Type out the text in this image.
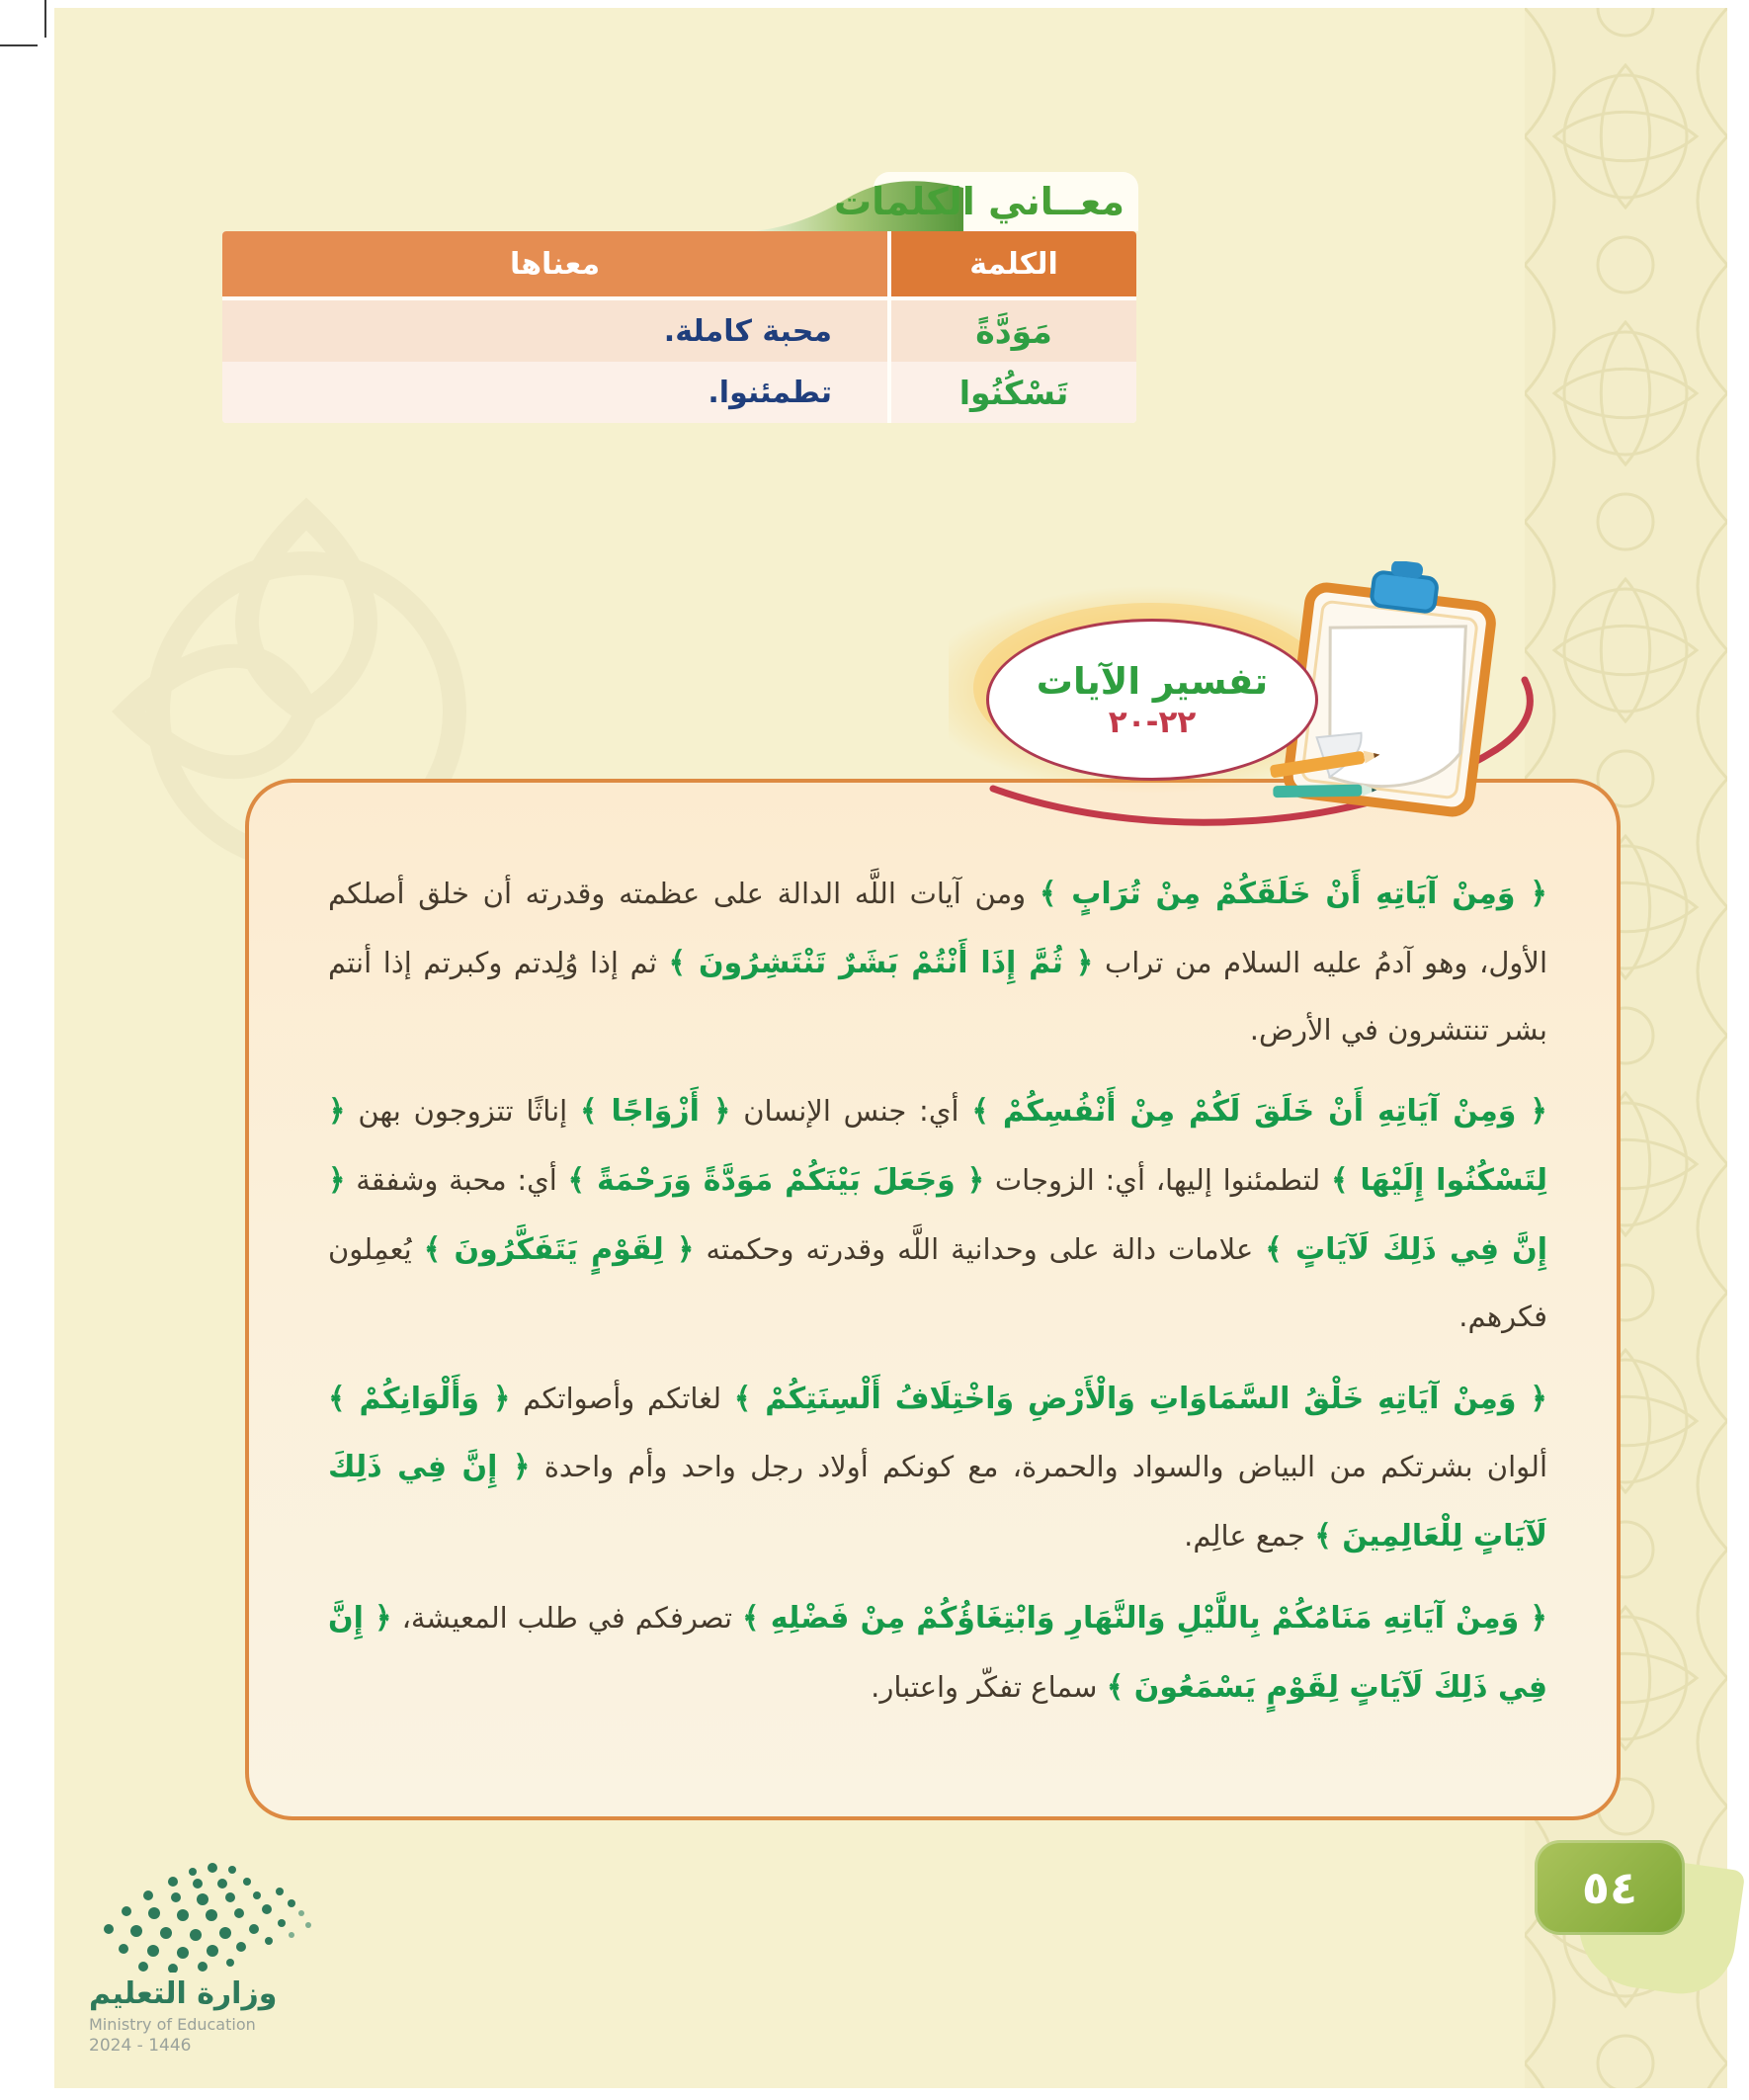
معــاني الكلمات
الكلمة
معناها
مَوَدَّةً
محبة كاملة.
تَسْكُنُوا
تطمئنوا.
تفسير الآيات
٢٢-٢٠

﴿ وَمِنْ آيَاتِهِ أَنْ خَلَقَكُمْ مِنْ تُرَابٍ ﴾ ومن آيات اللَّه الدالة على عظمته وقدرته أن خلق أصلكم الأول، وهو آدمُ عليه السلام من تراب ﴿ ثُمَّ إِذَا أَنْتُمْ بَشَرٌ تَنْتَشِرُونَ ﴾ ثم إذا وُلِدتم وكبرتم إذا أنتم بشر تنتشرون في الأرض.

﴿ وَمِنْ آيَاتِهِ أَنْ خَلَقَ لَكُمْ مِنْ أَنْفُسِكُمْ ﴾ أي: جنس الإنسان ﴿ أَزْوَاجًا ﴾ إناثًا تتزوجون بهن ﴿ لِتَسْكُنُوا إِلَيْهَا ﴾ لتطمئنوا إليها، أي: الزوجات ﴿ وَجَعَلَ بَيْنَكُمْ مَوَدَّةً وَرَحْمَةً ﴾ أي: محبة وشفقة ﴿ إِنَّ فِي ذَلِكَ لَآيَاتٍ ﴾ علامات دالة على وحدانية اللَّه وقدرته وحكمته ﴿ لِقَوْمٍ يَتَفَكَّرُونَ ﴾ يُعمِلون فكرهم.

﴿ وَمِنْ آيَاتِهِ خَلْقُ السَّمَاوَاتِ وَالْأَرْضِ وَاخْتِلَافُ أَلْسِنَتِكُمْ ﴾ لغاتكم وأصواتكم ﴿ وَأَلْوَانِكُمْ ﴾ ألوان بشرتكم من البياض والسواد والحمرة، مع كونكم أولاد رجل واحد وأم واحدة ﴿ إِنَّ فِي ذَلِكَ لَآيَاتٍ لِلْعَالِمِينَ ﴾ جمع عالِم.

﴿ وَمِنْ آيَاتِهِ مَنَامُكُمْ بِاللَّيْلِ وَالنَّهَارِ وَابْتِغَاؤُكُمْ مِنْ فَضْلِهِ ﴾ تصرفكم في طلب المعيشة، ﴿ إِنَّ فِي ذَلِكَ لَآيَاتٍ لِقَوْمٍ يَسْمَعُونَ ﴾ سماع تفكّر واعتبار.

٥٤
وزارة التعليم
Ministry of Education
2024 - 1446
